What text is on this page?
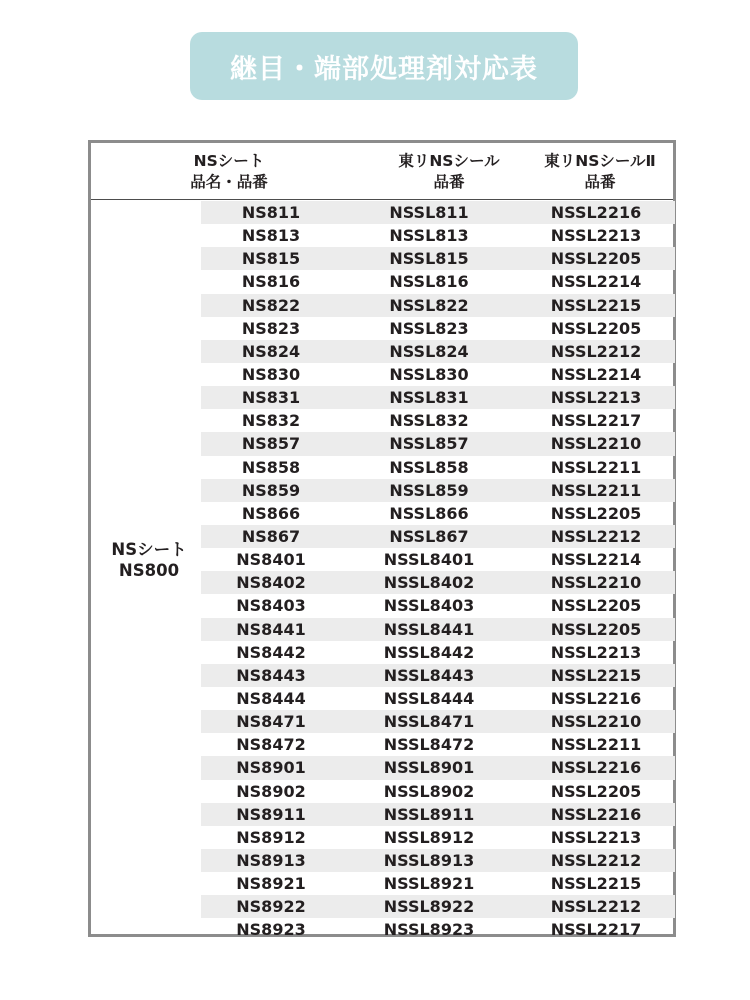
継目・端部処理剤対応表
NSシート
品名・品番
東リNSシール
品番
東リNSシールⅡ
品番
NSシート
NS800
NS811	NSSL811	NSSL2216
NS813	NSSL813	NSSL2213
NS815	NSSL815	NSSL2205
NS816	NSSL816	NSSL2214
NS822	NSSL822	NSSL2215
NS823	NSSL823	NSSL2205
NS824	NSSL824	NSSL2212
NS830	NSSL830	NSSL2214
NS831	NSSL831	NSSL2213
NS832	NSSL832	NSSL2217
NS857	NSSL857	NSSL2210
NS858	NSSL858	NSSL2211
NS859	NSSL859	NSSL2211
NS866	NSSL866	NSSL2205
NS867	NSSL867	NSSL2212
NS8401	NSSL8401	NSSL2214
NS8402	NSSL8402	NSSL2210
NS8403	NSSL8403	NSSL2205
NS8441	NSSL8441	NSSL2205
NS8442	NSSL8442	NSSL2213
NS8443	NSSL8443	NSSL2215
NS8444	NSSL8444	NSSL2216
NS8471	NSSL8471	NSSL2210
NS8472	NSSL8472	NSSL2211
NS8901	NSSL8901	NSSL2216
NS8902	NSSL8902	NSSL2205
NS8911	NSSL8911	NSSL2216
NS8912	NSSL8912	NSSL2213
NS8913	NSSL8913	NSSL2212
NS8921	NSSL8921	NSSL2215
NS8922	NSSL8922	NSSL2212
NS8923	NSSL8923	NSSL2217
